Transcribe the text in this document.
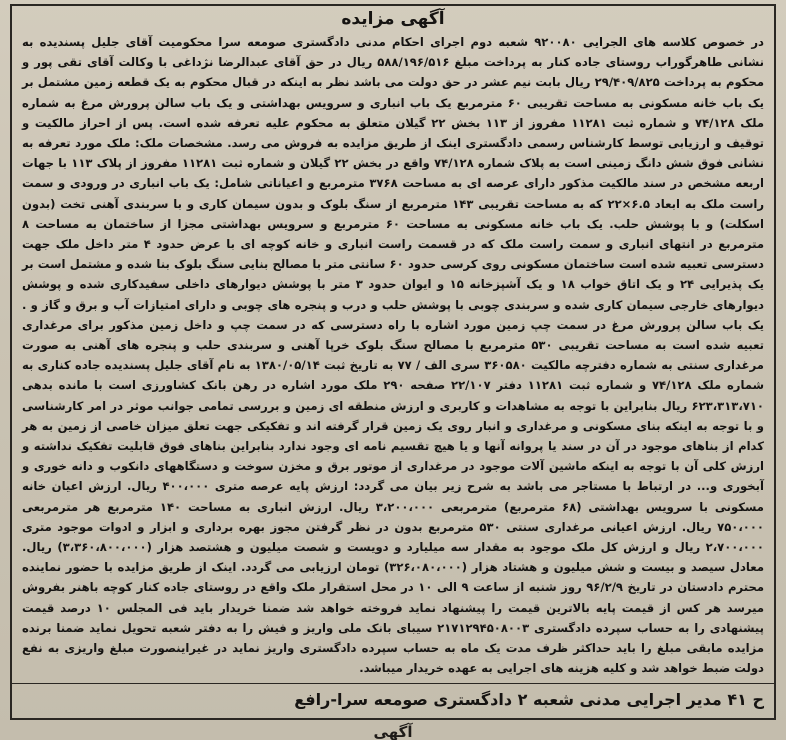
آگهی مزایده

در خصوص کلاسه های الجرایی ۹۲۰۰۸۰ شعبه دوم اجرای احکام مدنی دادگستری صومعه سرا محکومیت آقای جلیل پسندیده به نشانی طاهرگوراب روستای جاده کنار به پرداخت مبلغ ۵۸۸/۱۹۶/۵۱۶ ریال در حق آقای عبدالرضا نژداغی با وکالت آقای تقی پور و محکوم به پرداخت ۲۹/۴۰۹/۸۲۵ ریال بابت نیم عشر در حق دولت می باشد نظر به اینکه در قبال محکوم به یک قطعه زمین مشتمل بر یک باب خانه مسکونی به مساحت تقریبی ۶۰ مترمربع یک باب انباری و سرویس بهداشتی و یک باب سالن پرورش مرغ به شماره ملک ۷۴/۱۲۸ و شماره ثبت ۱۱۲۸۱ مفروز از ۱۱۳ بخش ۲۲ گیلان متعلق به محکوم علیه تعرفه شده است. پس از احراز مالکیت و توقیف و ارزیابی توسط کارشناس رسمی دادگستری اینک از طریق مزایده به فروش می رسد. مشخصات ملک: ملک مورد تعرفه به نشانی فوق شش دانگ زمینی است به پلاک شماره ۷۴/۱۲۸ واقع در بخش ۲۲ گیلان و شماره ثبت ۱۱۲۸۱ مفروز از پلاک ۱۱۳ با جهات اربعه مشخص در سند مالکیت مذکور دارای عرصه ای به مساحت ۳۷۶۸ مترمربع و اعیاناتی شامل: یک باب انباری در ورودی و سمت راست ملک به ابعاد ۶.۵×۲۲ که به مساحت تقریبی ۱۴۳ مترمربع از سنگ بلوک و بدون سیمان کاری و با سربندی آهنی تخت (بدون اسکلت) و با پوشش حلب. یک باب خانه مسکونی به مساحت ۶۰ مترمربع و سرویس بهداشتی مجزا از ساختمان به مساحت ۸ مترمربع در انتهای انباری و سمت راست ملک که در قسمت راست انباری و خانه کوچه ای با عرض حدود ۴ متر داخل ملک جهت دسترسی تعبیه شده است ساختمان مسکونی روی کرسی حدود ۶۰ سانتی متر با مصالح بنایی سنگ بلوک بنا شده و مشتمل است بر یک پذیرایی ۲۴ و یک اتاق خواب ۱۸ و یک آشپزخانه ۱۵ و ایوان حدود ۳ متر با پوشش دیوارهای داخلی سفیدکاری شده و پوشش دیوارهای خارجی سیمان کاری شده و سربندی چوبی با پوشش حلب و درب و پنجره های چوبی و دارای امتیازات آب و برق و گاز و . یک باب سالن پرورش مرغ در سمت چپ زمین مورد اشاره با راه دسترسی که در سمت چپ و داخل زمین مذکور برای مرغداری تعبیه شده است به مساحت تقریبی ۵۳۰ مترمربع با مصالح سنگ بلوک خرپا آهنی و سربندی حلب و پنجره های آهنی به صورت مرغداری سنتی به شماره دفترچه مالکیت ۳۶۰۵۸۰ سری الف / ۷۷ به تاریخ ثبت ۱۳۸۰/۰۵/۱۴ به نام آقای جلیل پسندیده جاده کناری به شماره ملک ۷۴/۱۲۸ و شماره ثبت ۱۱۲۸۱ دفتر ۲۲/۱۰۷ صفحه ۲۹۰ ملک مورد اشاره در رهن بانک کشاورزی است با مانده بدهی ۶۲۳،۳۱۳،۷۱۰ ریال بنابراین با توجه به مشاهدات و کاربری و ارزش منطقه ای زمین و بررسی تمامی جوانب موثر در امر کارشناسی و با توجه به اینکه بنای مسکونی و مرغداری و انبار روی یک زمین قرار گرفته اند و تفکیکی جهت تعلق میزان خاصی از زمین به هر کدام از بناهای موجود در آن در سند یا پروانه آنها و یا هیچ تقسیم نامه ای وجود ندارد بنابراین بناهای فوق قابلیت تفکیک نداشته و ارزش کلی آن با توجه به اینکه ماشین آلات موجود در مرغداری از موتور برق و مخزن سوخت و دستگاههای دانکوب و دانه خوری و آبخوری و... در ارتباط با مستاجر می باشد به شرح زیر بیان می گردد: ارزش پایه عرصه متری ۴۰۰،۰۰۰ ریال. ارزش اعیان خانه مسکونی با سرویس بهداشتی (۶۸ مترمربع) مترمربعی ۳،۲۰۰،۰۰۰ ریال. ارزش انباری به مساحت ۱۴۰ مترمربع هر مترمربعی ۷۵۰،۰۰۰ ریال. ارزش اعیانی مرغداری سنتی ۵۳۰ مترمربع بدون در نظر گرفتن مجوز بهره برداری و ابزار و ادوات موجود متری ۲،۷۰۰،۰۰۰ ریال و ارزش کل ملک موجود به مقدار سه میلیارد و دویست و شصت میلیون و هشتصد هزار (۳،۳۶۰،۸۰۰،۰۰۰) ریال. معادل سیصد و بیست و شش میلیون و هشتاد هزار (۳۲۶،۰۸۰،۰۰۰) تومان ارزیابی می گردد. اینک از طریق مزایده با حضور نماینده محترم دادستان در تاریخ ۹۶/۲/۹ روز شنبه از ساعت ۹ الی ۱۰ در محل استقرار ملک واقع در روستای جاده کنار کوچه باهنر بفروش میرسد هر کس از قیمت پایه بالاترین قیمت را پیشنهاد نماید فروخته خواهد شد ضمنا خریدار باید فی المجلس ۱۰ درصد قیمت پیشنهادی را به حساب سپرده دادگستری ۲۱۷۱۲۹۴۵۰۸۰۰۳ سیبای بانک ملی واریز و فیش را به دفتر شعبه تحویل نماید ضمنا برنده مزایده مابقی مبلغ را باید حداکثر ظرف مدت یک ماه به حساب سپرده دادگستری واریز نماید در غیراینصورت مبلغ واریزی به نفع دولت ضبط خواهد شد و کلیه هزینه های اجرایی به عهده خریدار میباشد.

ح ۴۱ مدیر اجرایی مدنی شعبه ۲ دادگستری صومعه سرا-رافع
آگهی
